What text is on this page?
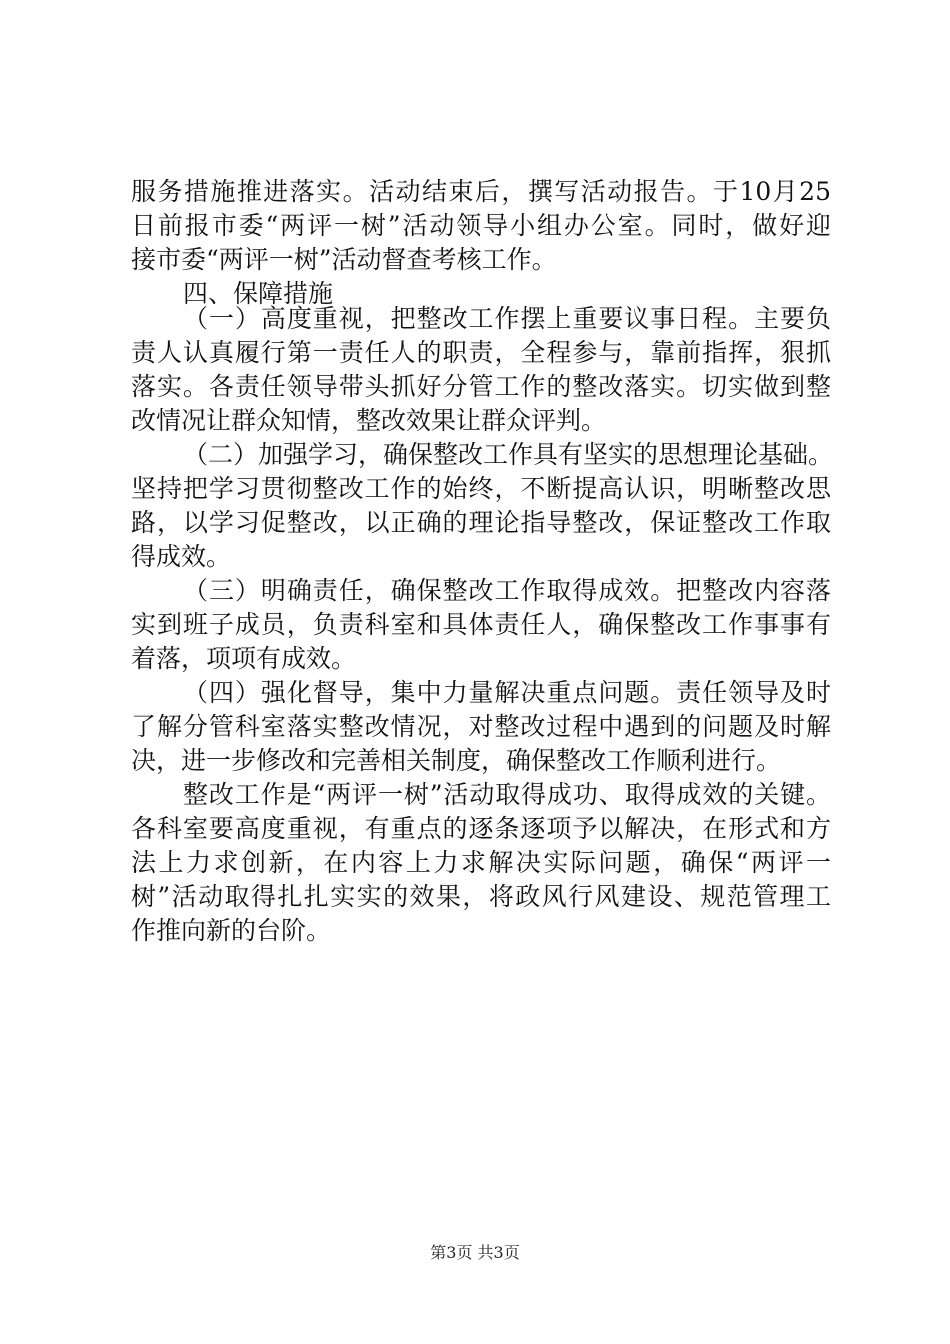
服务措施推进落实。活动结束后，撰写活动报告。于10月25
日前报市委“两评一树”活动领导小组办公室。同时，做好迎
接市委“两评一树”活动督查考核工作。
四、保障措施
（一）高度重视，把整改工作摆上重要议事日程。主要负
责人认真履行第一责任人的职责，全程参与，靠前指挥，狠抓
落实。各责任领导带头抓好分管工作的整改落实。切实做到整
改情况让群众知情，整改效果让群众评判。
（二）加强学习，确保整改工作具有坚实的思想理论基础。
坚持把学习贯彻整改工作的始终，不断提高认识，明晰整改思
路，以学习促整改，以正确的理论指导整改，保证整改工作取
得成效。
（三）明确责任，确保整改工作取得成效。把整改内容落
实到班子成员，负责科室和具体责任人，确保整改工作事事有
着落，项项有成效。
（四）强化督导，集中力量解决重点问题。责任领导及时
了解分管科室落实整改情况，对整改过程中遇到的问题及时解
决，进一步修改和完善相关制度，确保整改工作顺利进行。
整改工作是“两评一树”活动取得成功、取得成效的关键。
各科室要高度重视，有重点的逐条逐项予以解决，在形式和方
法上力求创新，在内容上力求解决实际问题，确保“两评一
树”活动取得扎扎实实的效果，将政风行风建设、规范管理工
作推向新的台阶。
第3页 共3页
